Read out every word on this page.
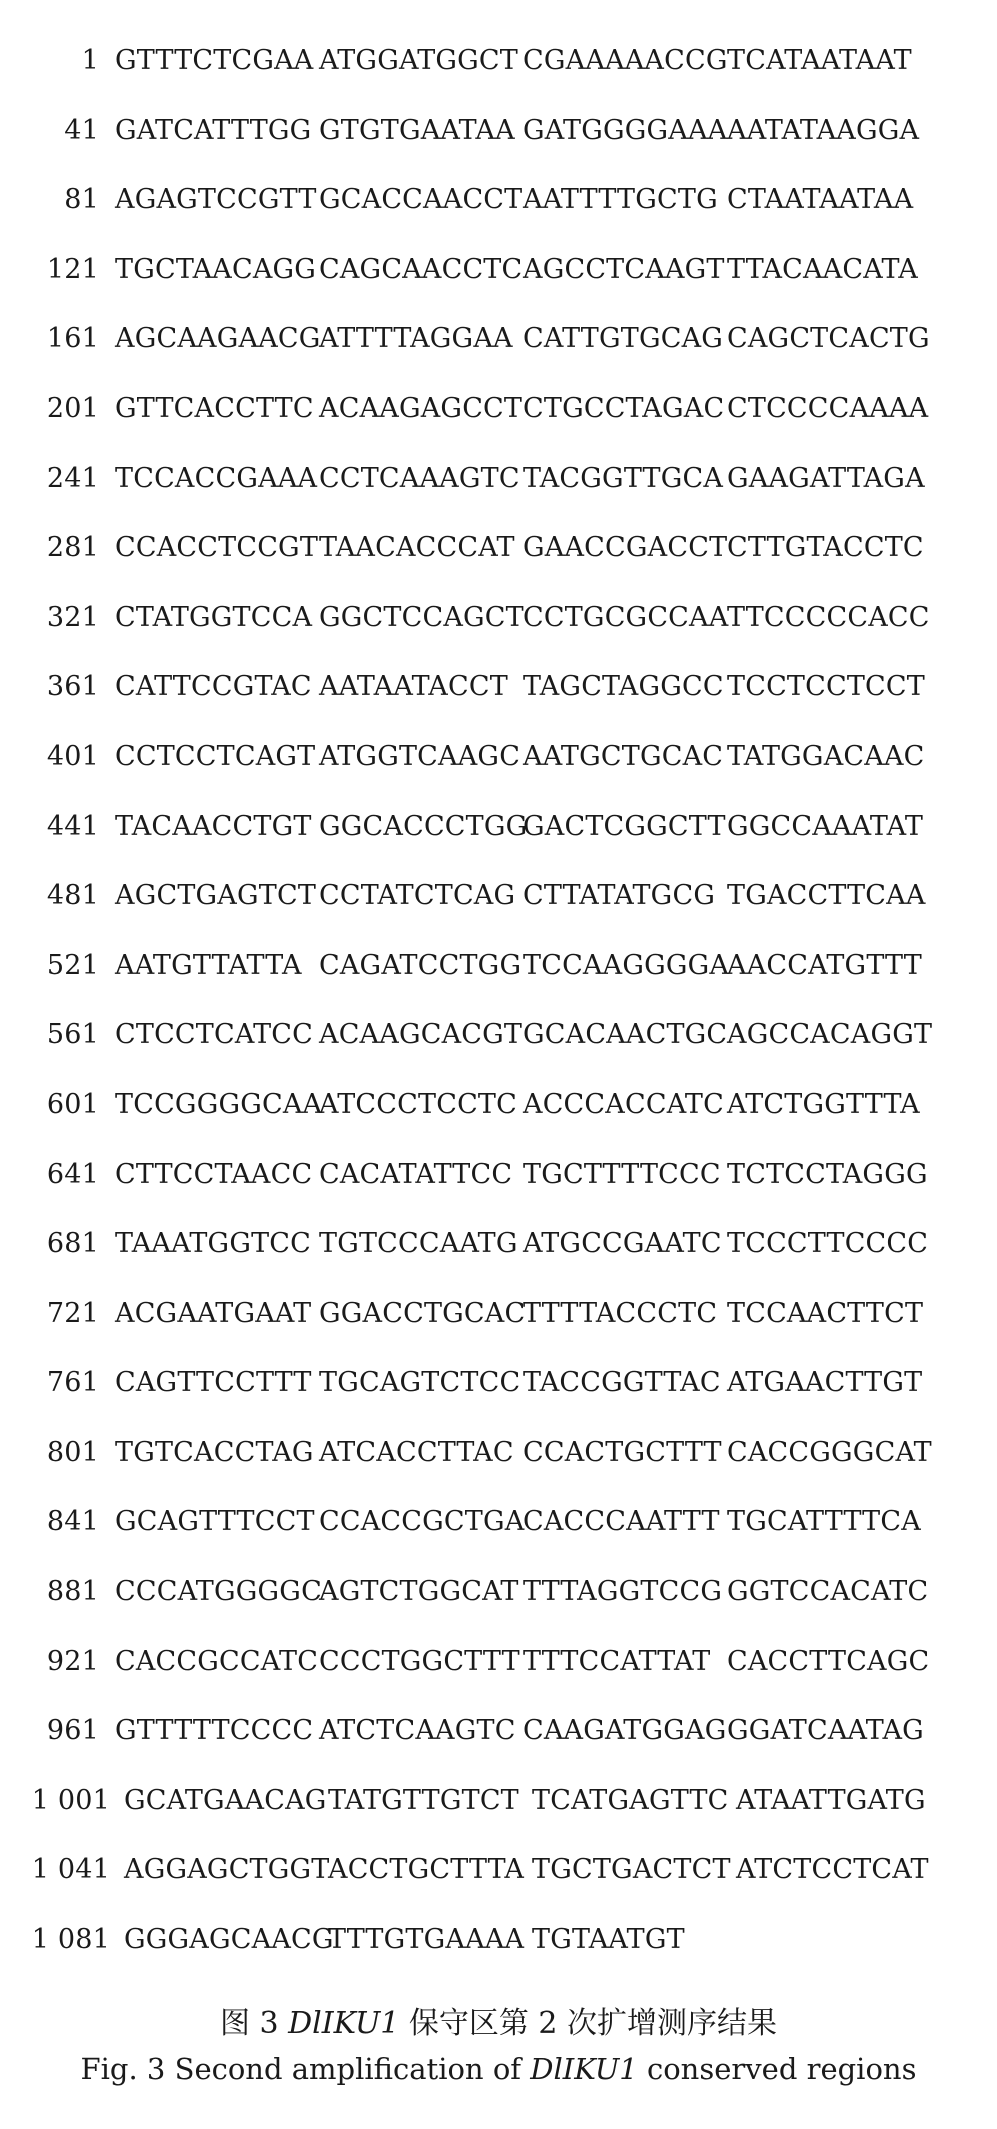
1 GTTTCTCGAA ATGGATGGCT CGAAAAACCG TCATAATAAT
41 GATCATTTGG GTGTGAATAA GATGGGGAAA AATATAAGGA
81 AGAGTCCGTT GCACCAACCT AATTTTGCTG CTAATAATAA
121 TGCTAACAGG CAGCAACCTC AGCCTCAAGT TTACAACATA
161 AGCAAGAACG
ATTTTAGGAA CATTGTGCAG CAGCTCACTG
201 GTTCACCTTC ACAAGAGCCT CTGCCTAGAC CTCCCCAAAA
241 TCCACCGAAA CCTCAAAGTC TACGGTTGCA GAAGATTAGA
281 CCACCTCCGT TAACACCCAT GAACCGACCT CTTGTACCTC
321 CTATGGTCCA GGCTCCAGCT CCTGCGCCAA
TTCCCCCACC
361 CATTCCGTAC AATAATACCT TAGCTAGGCC TCCTCCTCCT
401 CCTCCTCAGT ATGGTCAAGC AATGCTGCAC TATGGACAAC
441 TACAACCTGT GGCACCCTGG
GACTCGGCTT GGCCAAATAT
481 AGCTGAGTCT CCTATCTCAG CTTATATGCG TGACCTTCAA
521 AATGTTATTA CAGATCCTGG TCCAAGGGGA
AACCATGTTT
561 CTCCTCATCC ACAAGCACGT GCACAACTGC AGCCACAGGT
601 TCCGGGGCAA
ATCCCTCCTC ACCCACCATC ATCTGGTTTA
641 CTTCCTAACC CACATATTCC TGCTTTTCCC TCTCCTAGGG
681 TAAATGGTCC TGTCCCAATG ATGCCGAATC TCCCTTCCCC
721 ACGAATGAAT GGACCTGCAC
TTTTACCCTC TCCAACTTCT
761 CAGTTCCTTT TGCAGTCTCC TACCGGTTAC ATGAACTTGT
801 TGTCACCTAG ATCACCTTAC CCACTGCTTT CACCGGGCAT
841 GCAGTTTCCT CCACCGCTGA
CACCCAATTT TGCATTTTCA
881 CCCATGGGGC
AGTCTGGCAT TTTAGGTCCG GGTCCACATC
921 CACCGCCATC CCCTGGCTTT TTTCCATTAT CACCTTCAGC
961 GTTTTTCCCC ATCTCAAGTC CAAGATGGAG GGATCAATAG
1 001 GCATGAACAG TATGTTGTCT TCATGAGTTC ATAATTGATG
1 041 AGGAGCTGGT
ACCTGCTTTA TGCTGACTCT ATCTCCTCAT
1 081 GGGAGCAACG
TTTGTGAAAA TGTAATGT
图 3 DlIKU1 保守区第 2 次扩增测序结果
Fig. 3 Second amplification of DlIKU1 conserved regions
